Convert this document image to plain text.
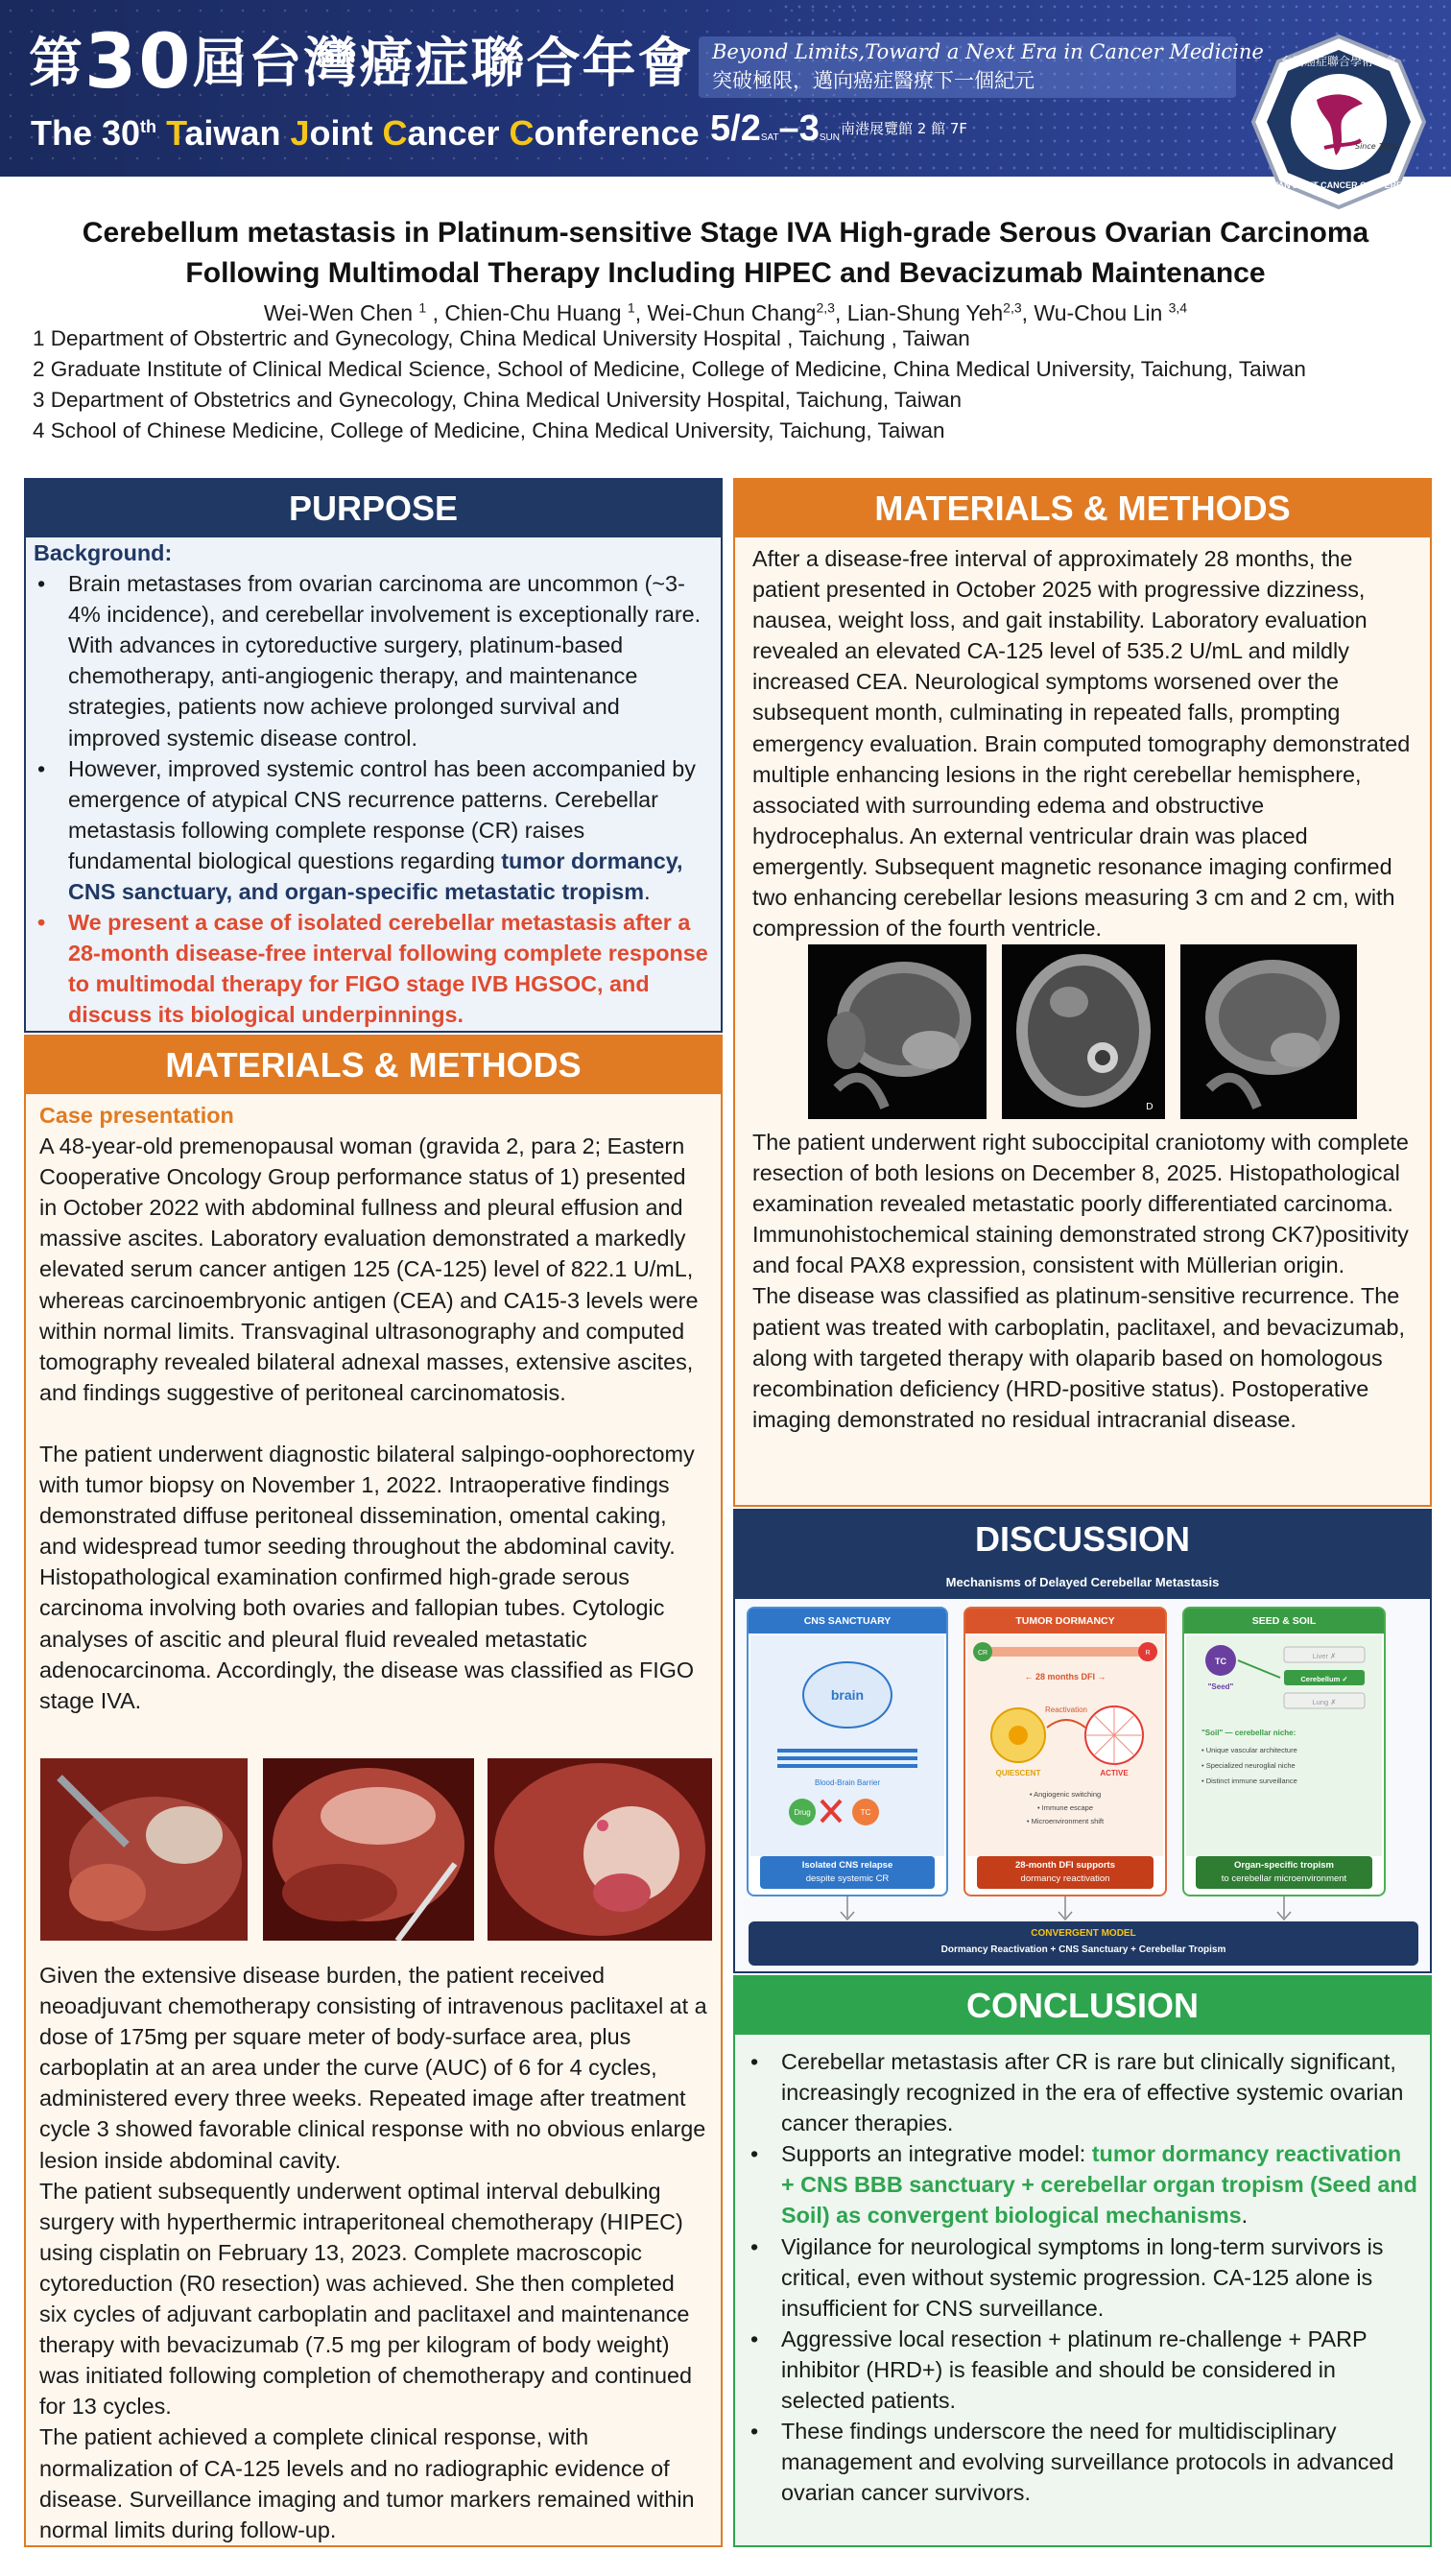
第30屆台灣癌症聯合年會
The 30th Taiwan Joint Cancer Conference
Beyond Limits,Toward a Next Era in Cancer Medicine
突破極限，邁向癌症醫療下一個紀元
5/2SAT–3SUN
南港展覽館 2 館 7F
Since 1996
台灣癌症聯合學術年會
TAIWAN JOINT CANCER CONFERENCE
Cerebellum metastasis in Platinum-sensitive Stage IVA High-grade Serous Ovarian Carcinoma
Following Multimodal Therapy Including HIPEC and Bevacizumab Maintenance
Wei-Wen Chen $^1$ , Chien-Chu Huang $^1$, Wei-Chun Chang$^{2,3}$, Lian-Shung Yeh$^{2,3}$, Wu-Chou Lin $^{3,4}$
1 Department of Obstertric and Gynecology, China Medical University Hospital , Taichung , Taiwan
2 Graduate Institute of Clinical Medical Science, School of Medicine, College of Medicine, China Medical University, Taichung, Taiwan
3 Department of Obstetrics and Gynecology, China Medical University Hospital, Taichung, Taiwan
4 School of Chinese Medicine, College of Medicine, China Medical University, Taichung, Taiwan
PURPOSE
Background:
• Brain metastases from ovarian carcinoma are uncommon (~3-4% incidence), and cerebellar involvement is exceptionally rare. With advances in cytoreductive surgery, platinum-based chemotherapy, anti-angiogenic therapy, and maintenance strategies, patients now achieve prolonged survival and improved systemic disease control.
• However, improved systemic control has been accompanied by emergence of atypical CNS recurrence patterns. Cerebellar metastasis following complete response (CR) raises fundamental biological questions regarding tumor dormancy, CNS sanctuary, and organ-specific metastatic tropism.
• We present a case of isolated cerebellar metastasis after a 28-month disease-free interval following complete response to multimodal therapy for FIGO stage IVB HGSOC, and discuss its biological underpinnings.
MATERIALS & METHODS
Case presentation

A 48-year-old premenopausal woman (gravida 2, para 2; Eastern Cooperative Oncology Group performance status of 1) presented in October 2022 with abdominal fullness and pleural effusion and massive ascites. Laboratory evaluation demonstrated a markedly elevated serum cancer antigen 125 (CA-125) level of 822.1 U/mL, whereas carcinoembryonic antigen (CEA) and CA15-3 levels were within normal limits. Transvaginal ultrasonography and computed tomography revealed bilateral adnexal masses, extensive ascites, and findings suggestive of peritoneal carcinomatosis.

The patient underwent diagnostic bilateral salpingo-oophorectomy with tumor biopsy on November 1, 2022. Intraoperative findings demonstrated diffuse peritoneal dissemination, omental caking, and widespread tumor seeding throughout the abdominal cavity. Histopathological examination confirmed high-grade serous carcinoma involving both ovaries and fallopian tubes. Cytologic analyses of ascitic and pleural fluid revealed metastatic adenocarcinoma. Accordingly, the disease was classified as FIGO stage IVA.

Given the extensive disease burden, the patient received neoadjuvant chemotherapy consisting of intravenous paclitaxel at a dose of 175mg per square meter of body-surface area, plus carboplatin at an area under the curve (AUC) of 6 for 4 cycles, administered every three weeks. Repeated image after treatment cycle 3 showed favorable clinical response with no obvious enlarge lesion inside abdominal cavity.

The patient subsequently underwent optimal interval debulking surgery with hyperthermic intraperitoneal chemotherapy (HIPEC) using cisplatin on February 13, 2023. Complete macroscopic cytoreduction (R0 resection) was achieved. She then completed six cycles of adjuvant carboplatin and paclitaxel and maintenance therapy with bevacizumab (7.5 mg per kilogram of body weight) was initiated following completion of chemotherapy and continued for 13 cycles.

The patient achieved a complete clinical response, with normalization of CA-125 levels and no radiographic evidence of disease. Surveillance imaging and tumor markers remained within normal limits during follow-up.

MATERIALS & METHODS

After a disease-free interval of approximately 28 months, the patient presented in October 2025 with progressive dizziness, nausea, weight loss, and gait instability. Laboratory evaluation revealed an elevated CA-125 level of 535.2 U/mL and mildly increased CEA. Neurological symptoms worsened over the subsequent month, culminating in repeated falls, prompting emergency evaluation. Brain computed tomography demonstrated multiple enhancing lesions in the right cerebellar hemisphere, associated with surrounding edema and obstructive hydrocephalus. An external ventricular drain was placed emergently. Subsequent magnetic resonance imaging confirmed two enhancing cerebellar lesions measuring 3 cm and 2 cm, with compression of the fourth ventricle.

The patient underwent right suboccipital craniotomy with complete resection of both lesions on December 8, 2025. Histopathological examination revealed metastatic poorly differentiated carcinoma. Immunohistochemical staining demonstrated strong CK7)positivity and focal PAX8 expression, consistent with Müllerian origin.

The disease was classified as platinum-sensitive recurrence. The patient was treated with carboplatin, paclitaxel, and bevacizumab, along with targeted therapy with olaparib based on homologous recombination deficiency (HRD-positive status). Postoperative imaging demonstrated no residual intracranial disease.

D
DISCUSSION
Mechanisms of Delayed Cerebellar Metastasis
CNS SANCTUARY
brain
Blood-Brain Barrier
Drug	TC
Isolated CNS relapse
despite systemic CR
TUMOR DORMANCY
CR	R
← 28 months DFI →
Reactivation
QUIESCENT	ACTIVE
• Angiogenic switching
• Immune escape
• Microenvironment shift
28-month DFI supports
dormancy reactivation
SEED & SOIL
TC
"Seed"
Liver ✗
Cerebellum ✓
Lung ✗
"Soil" — cerebellar niche:
• Unique vascular architecture
• Specialized neuroglial niche
• Distinct immune surveillance
Organ-specific tropism
to cerebellar microenvironment
CONVERGENT MODEL
Dormancy Reactivation + CNS Sanctuary + Cerebellar Tropism
CONCLUSION
• Cerebellar metastasis after CR is rare but clinically significant, increasingly recognized in the era of effective systemic ovarian cancer therapies.
• Supports an integrative model: tumor dormancy reactivation + CNS BBB sanctuary + cerebellar organ tropism (Seed and Soil) as convergent biological mechanisms.
• Vigilance for neurological symptoms in long-term survivors is critical, even without systemic progression. CA-125 alone is insufficient for CNS surveillance.
• Aggressive local resection + platinum re-challenge + PARP inhibitor (HRD+) is feasible and should be considered in selected patients.
• These findings underscore the need for multidisciplinary management and evolving surveillance protocols in advanced ovarian cancer survivors.
